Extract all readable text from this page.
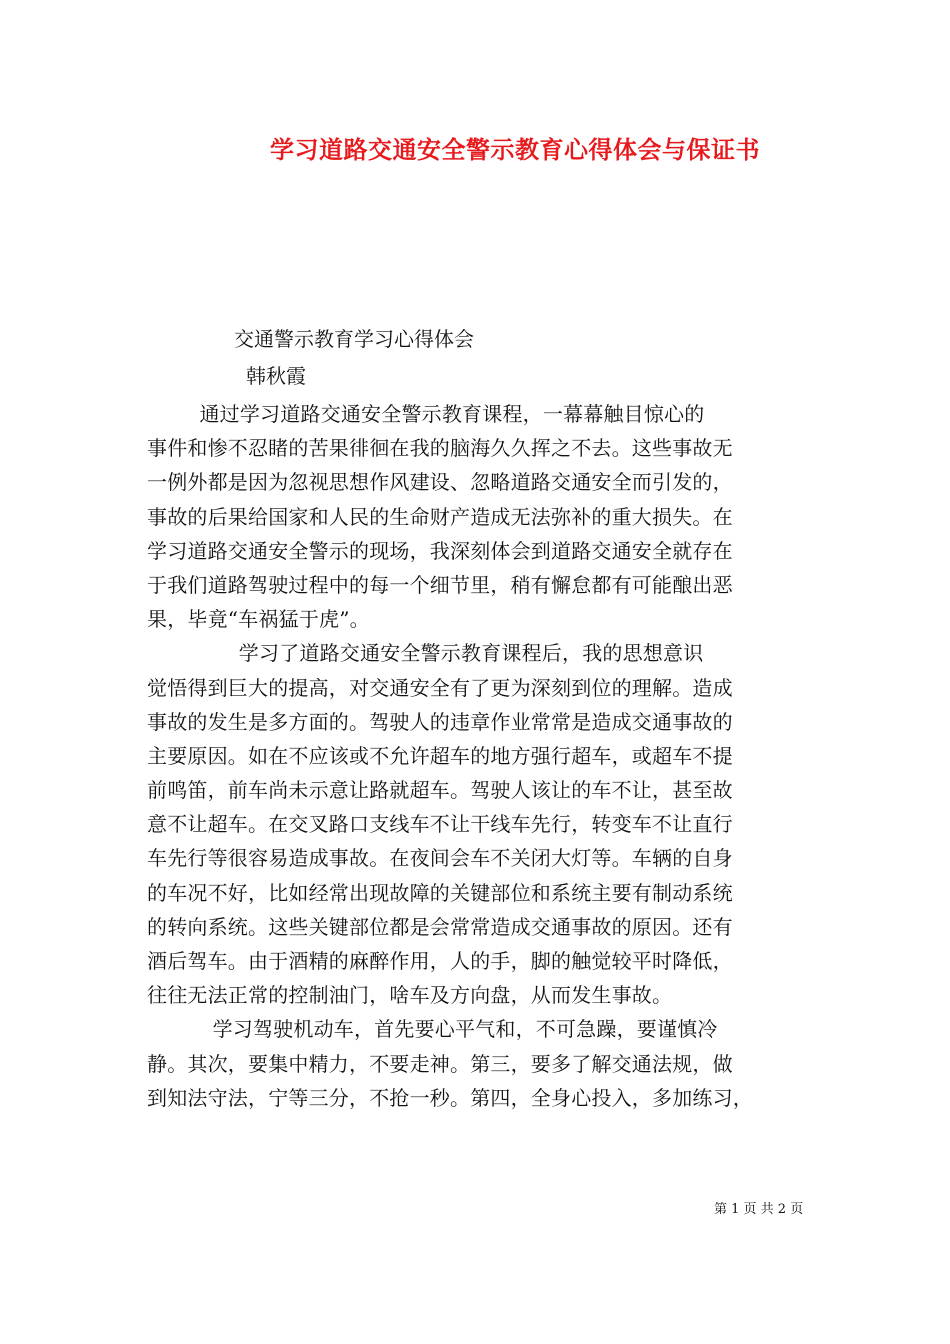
学习道路交通安全警示教育心得体会与保证书
交通警示教育学习心得体会
韩秋霞
通过学习道路交通安全警示教育课程，一幕幕触目惊心的
事件和惨不忍睹的苦果徘徊在我的脑海久久挥之不去。这些事故无
一例外都是因为忽视思想作风建设、忽略道路交通安全而引发的，
事故的后果给国家和人民的生命财产造成无法弥补的重大损失。在
学习道路交通安全警示的现场，我深刻体会到道路交通安全就存在
于我们道路驾驶过程中的每一个细节里，稍有懈怠都有可能酿出恶
果，毕竟“车祸猛于虎”。
学习了道路交通安全警示教育课程后，我的思想意识
觉悟得到巨大的提高，对交通安全有了更为深刻到位的理解。造成
事故的发生是多方面的。驾驶人的违章作业常常是造成交通事故的
主要原因。如在不应该或不允许超车的地方强行超车，或超车不提
前鸣笛，前车尚未示意让路就超车。驾驶人该让的车不让，甚至故
意不让超车。在交叉路口支线车不让干线车先行，转变车不让直行
车先行等很容易造成事故。在夜间会车不关闭大灯等。车辆的自身
的车况不好，比如经常出现故障的关键部位和系统主要有制动系统
的转向系统。这些关键部位都是会常常造成交通事故的原因。还有
酒后驾车。由于酒精的麻醉作用，人的手，脚的触觉较平时降低，
往往无法正常的控制油门，啥车及方向盘，从而发生事故。
学习驾驶机动车，首先要心平气和，不可急躁，要谨慎冷
静。其次，要集中精力，不要走神。第三，要多了解交通法规，做
到知法守法，宁等三分，不抢一秒。第四，全身心投入，多加练习，
第 1 页 共 2 页
